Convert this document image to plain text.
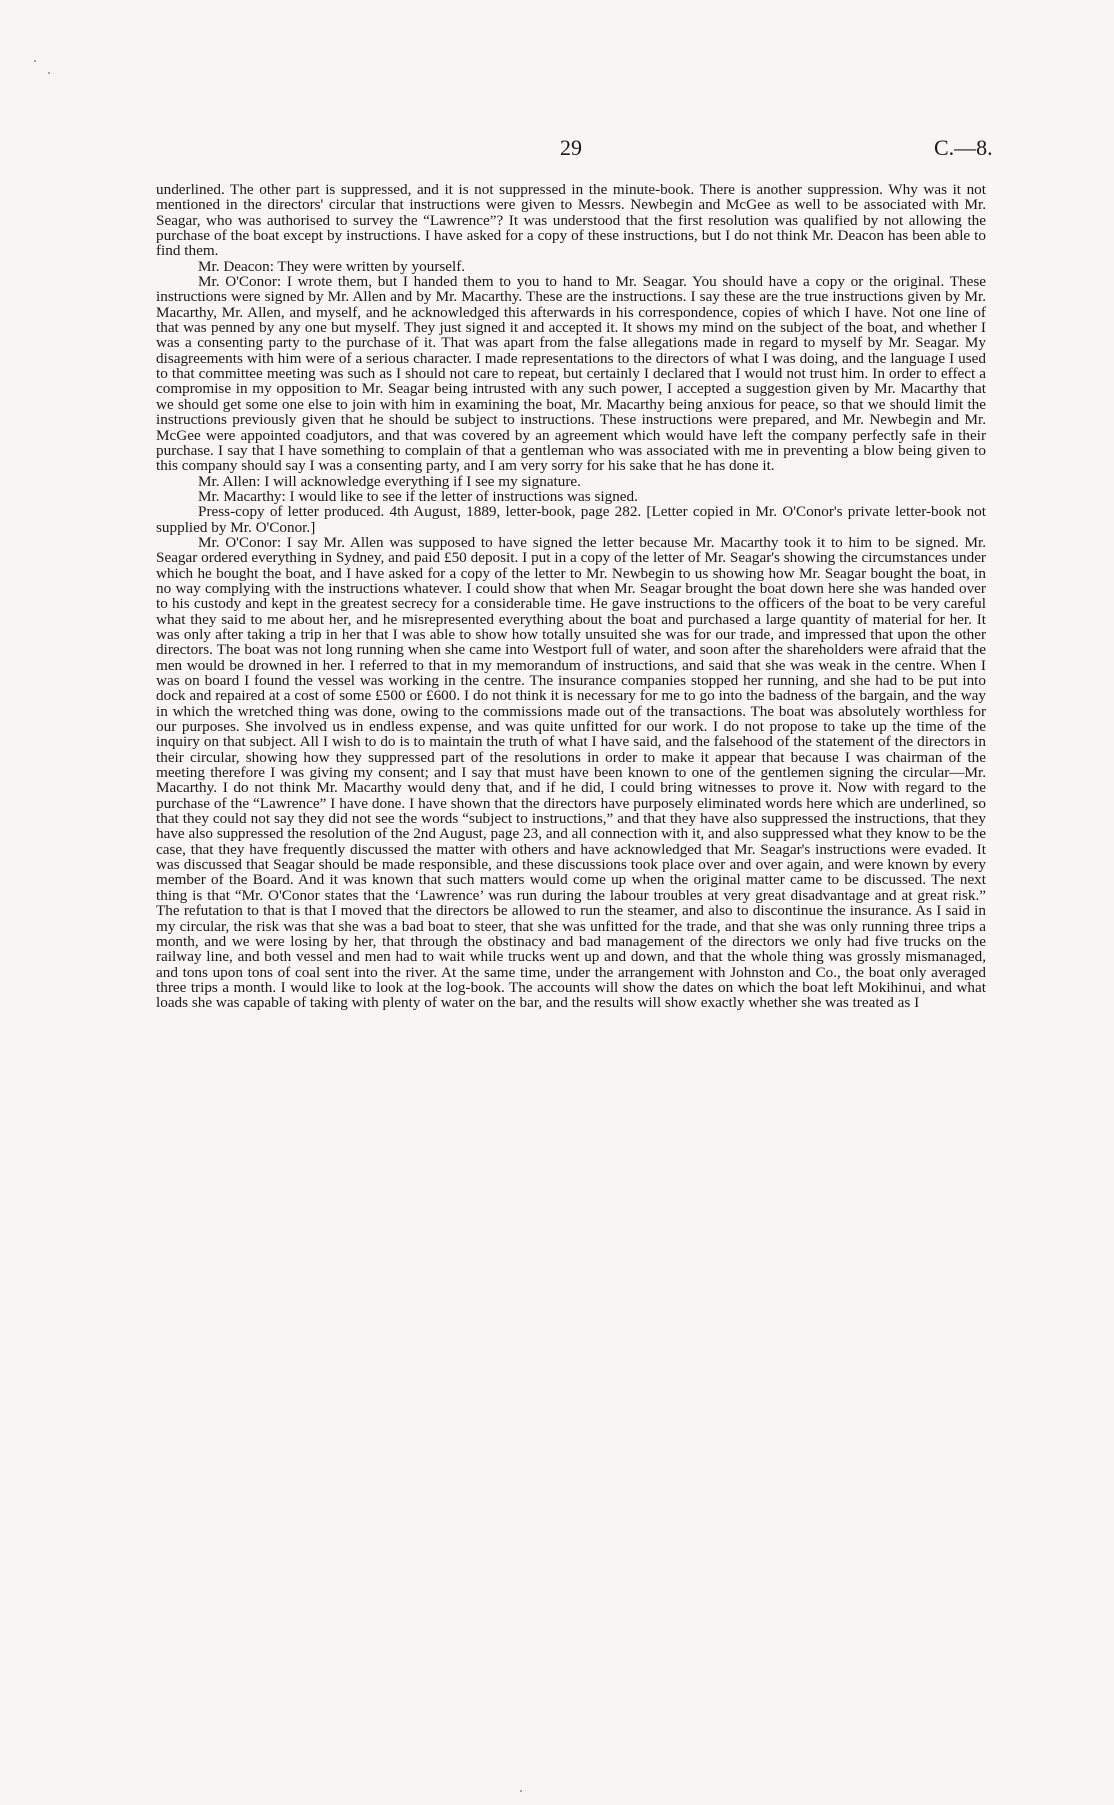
29	C.—8.

underlined. The other part is suppressed, and it is not suppressed in the minute-book. There is another suppression. Why was it not mentioned in the directors' circular that instructions were given to Messrs. Newbegin and McGee as well to be associated with Mr. Seagar, who was authorised to survey the “Lawrence”? It was understood that the first resolution was qualified by not allowing the purchase of the boat except by instructions. I have asked for a copy of these instructions, but I do not think Mr. Deacon has been able to find them.

Mr. Deacon: They were written by yourself.

Mr. O'Conor: I wrote them, but I handed them to you to hand to Mr. Seagar. You should have a copy or the original. These instructions were signed by Mr. Allen and by Mr. Macarthy. These are the instructions. I say these are the true instructions given by Mr. Macarthy, Mr. Allen, and myself, and he acknowledged this afterwards in his correspondence, copies of which I have. Not one line of that was penned by any one but myself. They just signed it and accepted it. It shows my mind on the subject of the boat, and whether I was a consenting party to the purchase of it. That was apart from the false allegations made in regard to myself by Mr. Seagar. My disagreements with him were of a serious character. I made representations to the directors of what I was doing, and the language I used to that committee meeting was such as I should not care to repeat, but certainly I declared that I would not trust him. In order to effect a compromise in my opposition to Mr. Seagar being intrusted with any such power, I accepted a suggestion given by Mr. Macarthy that we should get some one else to join with him in examining the boat, Mr. Macarthy being anxious for peace, so that we should limit the instructions previously given that he should be subject to instructions. These instructions were prepared, and Mr. Newbegin and Mr. McGee were appointed coadjutors, and that was covered by an agreement which would have left the company perfectly safe in their purchase. I say that I have something to complain of that a gentleman who was associated with me in preventing a blow being given to this company should say I was a consenting party, and I am very sorry for his sake that he has done it.

Mr. Allen: I will acknowledge everything if I see my signature.

Mr. Macarthy: I would like to see if the letter of instructions was signed.

Press-copy of letter produced. 4th August, 1889, letter-book, page 282. [Letter copied in Mr. O'Conor's private letter-book not supplied by Mr. O'Conor.]

Mr. O'Conor: I say Mr. Allen was supposed to have signed the letter because Mr. Macarthy took it to him to be signed. Mr. Seagar ordered everything in Sydney, and paid £50 deposit. I put in a copy of the letter of Mr. Seagar's showing the circumstances under which he bought the boat, and I have asked for a copy of the letter to Mr. Newbegin to us showing how Mr. Seagar bought the boat, in no way complying with the instructions whatever. I could show that when Mr. Seagar brought the boat down here she was handed over to his custody and kept in the greatest secrecy for a considerable time. He gave instructions to the officers of the boat to be very careful what they said to me about her, and he misrepresented everything about the boat and purchased a large quantity of material for her. It was only after taking a trip in her that I was able to show how totally unsuited she was for our trade, and impressed that upon the other directors. The boat was not long running when she came into Westport full of water, and soon after the shareholders were afraid that the men would be drowned in her. I referred to that in my memorandum of instructions, and said that she was weak in the centre. When I was on board I found the vessel was working in the centre. The insurance companies stopped her running, and she had to be put into dock and repaired at a cost of some £500 or £600. I do not think it is necessary for me to go into the badness of the bargain, and the way in which the wretched thing was done, owing to the commissions made out of the transactions. The boat was absolutely worthless for our purposes. She involved us in endless expense, and was quite unfitted for our work. I do not propose to take up the time of the inquiry on that subject. All I wish to do is to maintain the truth of what I have said, and the falsehood of the statement of the directors in their circular, showing how they suppressed part of the resolutions in order to make it appear that because I was chairman of the meeting therefore I was giving my consent; and I say that must have been known to one of the gentlemen signing the circular—Mr. Macarthy. I do not think Mr. Macarthy would deny that, and if he did, I could bring witnesses to prove it. Now with regard to the purchase of the “Lawrence” I have done. I have shown that the directors have purposely eliminated words here which are underlined, so that they could not say they did not see the words “subject to instructions,” and that they have also suppressed the instructions, that they have also suppressed the resolution of the 2nd August, page 23, and all connection with it, and also suppressed what they know to be the case, that they have frequently discussed the matter with others and have acknowledged that Mr. Seagar's instructions were evaded. It was discussed that Seagar should be made responsible, and these discussions took place over and over again, and were known by every member of the Board. And it was known that such matters would come up when the original matter came to be discussed. The next thing is that “Mr. O'Conor states that the ‘Lawrence’ was run during the labour troubles at very great disadvantage and at great risk.” The refutation to that is that I moved that the directors be allowed to run the steamer, and also to discontinue the insurance. As I said in my circular, the risk was that she was a bad boat to steer, that she was unfitted for the trade, and that she was only running three trips a month, and we were losing by her, that through the obstinacy and bad management of the directors we only had five trucks on the railway line, and both vessel and men had to wait while trucks went up and down, and that the whole thing was grossly mismanaged, and tons upon tons of coal sent into the river. At the same time, under the arrangement with Johnston and Co., the boat only averaged three trips a month. I would like to look at the log-book. The accounts will show the dates on which the boat left Mokihinui, and what loads she was capable of taking with plenty of water on the bar, and the results will show exactly whether she was treated as I
